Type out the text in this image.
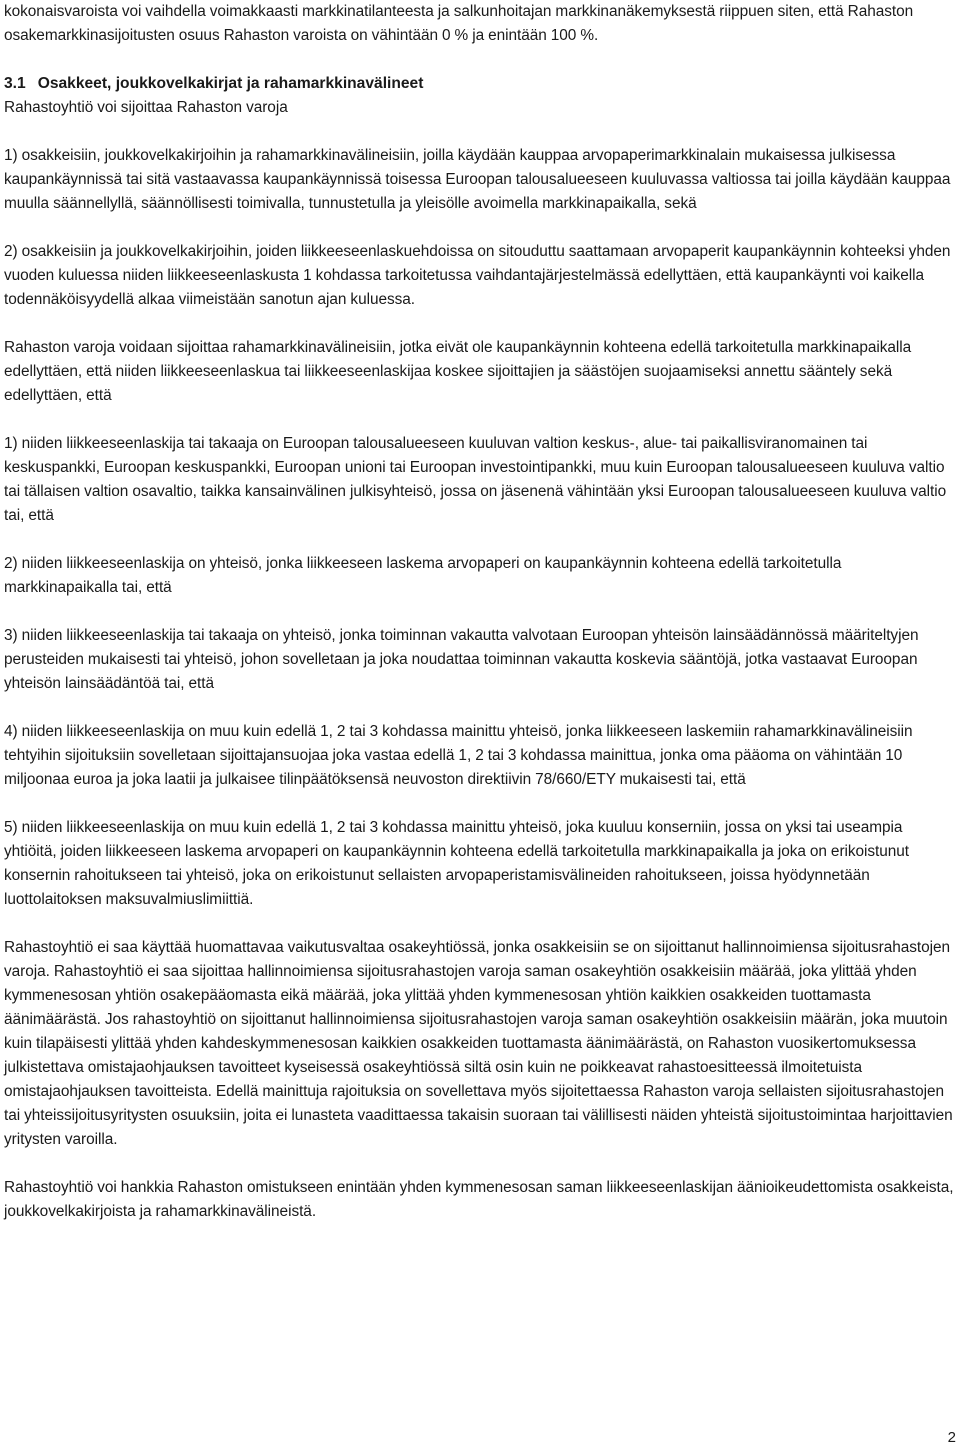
kokonaisvaroista voi vaihdella voimakkaasti markkinatilanteesta ja salkunhoitajan markkinanäkemyksestä riippuen siten, että Rahaston osakemarkkinasijoitusten osuus Rahaston varoista on vähintään 0 % ja enintään 100 %.

3.1 Osakkeet, joukkovelkakirjat ja rahamarkkinavälineet

Rahastoyhtiö voi sijoittaa Rahaston varoja

1) osakkeisiin, joukkovelkakirjoihin ja rahamarkkinavälineisiin, joilla käydään kauppaa arvopaperimarkkinalain mukaisessa julkisessa kaupankäynnissä tai sitä vastaavassa kaupankäynnissä toisessa Euroopan talousalueeseen kuuluvassa valtiossa tai joilla käydään kauppaa muulla säännellyllä, säännöllisesti toimivalla, tunnustetulla ja yleisölle avoimella markkinapaikalla, sekä

2) osakkeisiin ja joukkovelkakirjoihin, joiden liikkeeseenlaskuehdoissa on sitouduttu saattamaan arvopaperit kaupankäynnin kohteeksi yhden vuoden kuluessa niiden liikkeeseenlaskusta 1 kohdassa tarkoitetussa vaihdantajärjestelmässä edellyttäen, että kaupankäynti voi kaikella todennäköisyydellä alkaa viimeistään sanotun ajan kuluessa.

Rahaston varoja voidaan sijoittaa rahamarkkinavälineisiin, jotka eivät ole kaupankäynnin kohteena edellä tarkoitetulla markkinapaikalla edellyttäen, että niiden liikkeeseenlaskua tai liikkeeseenlaskijaa koskee sijoittajien ja säästöjen suojaamiseksi annettu sääntely sekä edellyttäen, että

1) niiden liikkeeseenlaskija tai takaaja on Euroopan talousalueeseen kuuluvan valtion keskus-, alue- tai paikallisviranomainen tai keskuspankki, Euroopan keskuspankki, Euroopan unioni tai Euroopan investointipankki, muu kuin Euroopan talousalueeseen kuuluva valtio tai tällaisen valtion osavaltio, taikka kansainvälinen julkisyhteisö, jossa on jäsenenä vähintään yksi Euroopan talousalueeseen kuuluva valtio tai, että

2) niiden liikkeeseenlaskija on yhteisö, jonka liikkeeseen laskema arvopaperi on kaupankäynnin kohteena edellä tarkoitetulla markkinapaikalla tai, että

3) niiden liikkeeseenlaskija tai takaaja on yhteisö, jonka toiminnan vakautta valvotaan Euroopan yhteisön lainsäädännössä määriteltyjen perusteiden mukaisesti tai yhteisö, johon sovelletaan ja joka noudattaa toiminnan vakautta koskevia sääntöjä, jotka vastaavat Euroopan yhteisön lainsäädäntöä tai, että

4) niiden liikkeeseenlaskija on muu kuin edellä 1, 2 tai 3 kohdassa mainittu yhteisö, jonka liikkeeseen laskemiin rahamarkkinavälineisiin tehtyihin sijoituksiin sovelletaan sijoittajansuojaa joka vastaa edellä 1, 2 tai 3 kohdassa mainittua, jonka oma pääoma on vähintään 10 miljoonaa euroa ja joka laatii ja julkaisee tilinpäätöksensä neuvoston direktiivin 78/660/ETY mukaisesti tai, että

5) niiden liikkeeseenlaskija on muu kuin edellä 1, 2 tai 3 kohdassa mainittu yhteisö, joka kuuluu konserniin, jossa on yksi tai useampia yhtiöitä, joiden liikkeeseen laskema arvopaperi on kaupankäynnin kohteena edellä tarkoitetulla markkinapaikalla ja joka on erikoistunut konsernin rahoitukseen tai yhteisö, joka on erikoistunut sellaisten arvopaperistamisvälineiden rahoitukseen, joissa hyödynnetään luottolaitoksen maksuvalmiuslimiittiä.

Rahastoyhtiö ei saa käyttää huomattavaa vaikutusvaltaa osakeyhtiössä, jonka osakkeisiin se on sijoittanut hallinnoimiensa sijoitusrahastojen varoja. Rahastoyhtiö ei saa sijoittaa hallinnoimiensa sijoitusrahastojen varoja saman osakeyhtiön osakkeisiin määrää, joka ylittää yhden kymmenesosan yhtiön osakepääomasta eikä määrää, joka ylittää yhden kymmenesosan yhtiön kaikkien osakkeiden tuottamasta äänimäärästä. Jos rahastoyhtiö on sijoittanut hallinnoimiensa sijoitusrahastojen varoja saman osakeyhtiön osakkeisiin määrän, joka muutoin kuin tilapäisesti ylittää yhden kahdeskymmenesosan kaikkien osakkeiden tuottamasta äänimäärästä, on Rahaston vuosikertomuksessa julkistettava omistajaohjauksen tavoitteet kyseisessä osakeyhtiössä siltä osin kuin ne poikkeavat rahastoesitteessä ilmoitetuista omistajaohjauksen tavoitteista. Edellä mainittuja rajoituksia on sovellettava myös sijoitettaessa Rahaston varoja sellaisten sijoitusrahastojen tai yhteissijoitusyritysten osuuksiin, joita ei lunasteta vaadittaessa takaisin suoraan tai välillisesti näiden yhteistä sijoitustoimintaa harjoittavien yritysten varoilla.

Rahastoyhtiö voi hankkia Rahaston omistukseen enintään yhden kymmenesosan saman liikkeeseenlaskijan äänioikeudettomista osakkeista, joukkovelkakirjoista ja rahamarkkinavälineistä.

2
